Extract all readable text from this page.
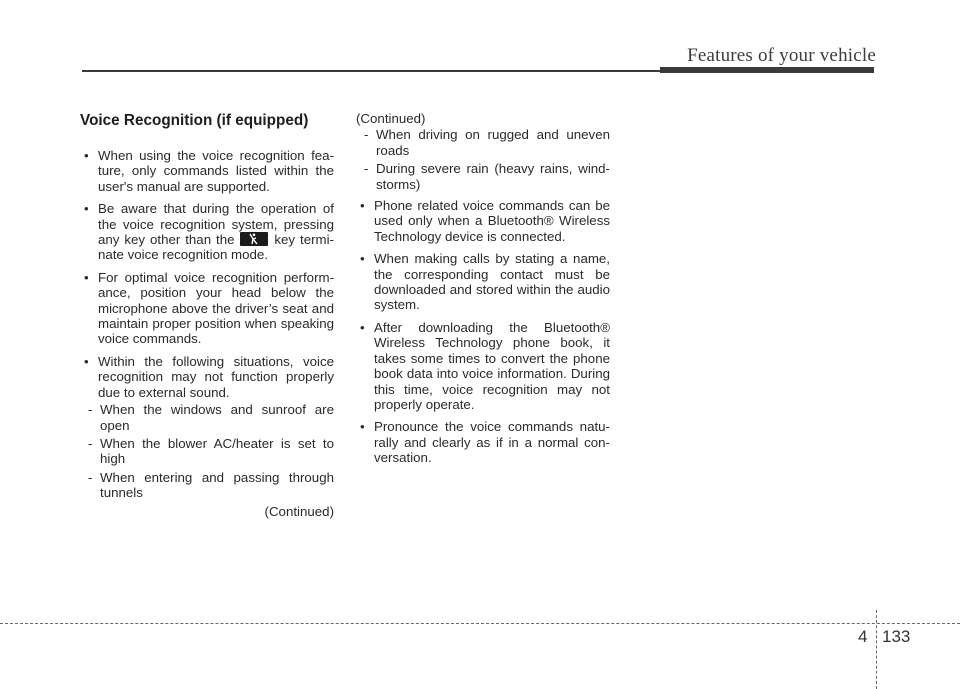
Features of your vehicle
Voice Recognition (if equipped)
• When using the voice recognition fea- ture, only commands listed within the user's manual are supported.
• Be aware that during the operation of the voice recognition system, pressing any key other than the	key termi- nate voice recognition mode.
• For optimal voice recognition perform- ance, position your head below the microphone above the driver’s seat and maintain proper position when speaking voice commands.
• Within the following situations, voice recognition may not function properly due to external sound.
- When the windows and sunroof are open
- When the blower AC/heater is set to high
- When entering and passing through tunnels
(Continued)
(Continued)
- When driving on rugged and uneven roads
- During severe rain (heavy rains, wind- storms)
• Phone related voice commands can be used only when a Bluetooth® Wireless Technology device is connected.
• When making calls by stating a name, the corresponding contact must be downloaded and stored within the audio system.
• After downloading the Bluetooth® Wireless Technology phone book, it takes some times to convert the phone book data into voice information. During this time, voice recognition may not properly operate.
• Pronounce the voice commands natu- rally and clearly as if in a normal con- versation.
4 133
